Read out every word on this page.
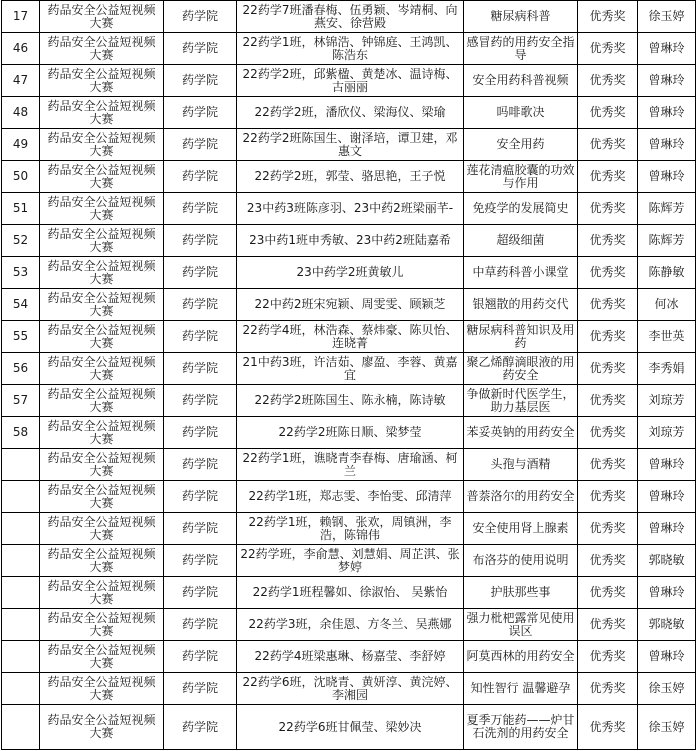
17	药品安全公益短视频大赛	药学院	22药学7班潘春梅、伍勇颖、岑靖桐、向燕安、徐营殿	糖尿病科普	优秀奖	徐玉婷
46	药品安全公益短视频大赛	药学院	22药学1班，林锦浩、钟锦庭、王鸿凯、陈浩东	感冒药的用药安全指导	优秀奖	曾琳玲
47	药品安全公益短视频大赛	药学院	22药学2班，邱紫楹、黄楚冰、温诗梅、古丽丽	安全用药科普视频	优秀奖	曾琳玲
48	药品安全公益短视频大赛	药学院	22药学2班，潘欣仪、梁海仪、梁瑜	吗啡歌决	优秀奖	曾琳玲
49	药品安全公益短视频大赛	药学院	22药学2班陈国生、谢泽培，谭卫建，邓惠文	安全用药	优秀奖	曾琳玲
50	药品安全公益短视频大赛	药学院	22药学2班，郭莹、骆思艳，王子悦	莲花清瘟胶囊的功效与作用	优秀奖	曾琳玲
51	药品安全公益短视频大赛	药学院	23中药3班陈彦羽、23中药2班梁丽芊-	免疫学的发展简史	优秀奖	陈辉芳
52	药品安全公益短视频大赛	药学院	23中药1班申秀敏、23中药2班陆嘉希	超级细菌	优秀奖	陈辉芳
53	药品安全公益短视频大赛	药学院	23中药学2班黄敏儿	中草药科普小课堂	优秀奖	陈静敏
54	药品安全公益短视频大赛	药学院	22中药2班宋宛颖、周雯雯、顾颖芝	银翘散的用药交代	优秀奖	何冰
55	药品安全公益短视频大赛	药学院	22药学4班，林浩森、蔡炜豪、陈贝怡、连晓菁	糖尿病科普知识及用药	优秀奖	李世英
56	药品安全公益短视频大赛	药学院	21中药3班，许洁茹、廖盈、李蓉、黄嘉宜	聚乙烯醇滴眼液的用药安全	优秀奖	李秀娟
57	药品安全公益短视频大赛	药学院	22药学2班陈国生、陈永楠，陈诗敏	争做新时代医学生，助力基层医	优秀奖	刘琼芳
58	药品安全公益短视频大赛	药学院	22药学2班陈日顺、梁梦莹	苯妥英钠的用药安全	优秀奖	刘琼芳
	药品安全公益短视频大赛	药学院	22药学1班，谯晓青李春梅、唐瑜涵、柯兰	头孢与酒精	优秀奖	曾琳玲
	药品安全公益短视频大赛	药学院	22药学1班，郑志雯、李怡雯、邱清萍	普萘洛尔的用药安全	优秀奖	曾琳玲
	药品安全公益短视频大赛	药学院	22药学1班，赖钢、张欢，周镇洲，李浩，陈锦伟	安全使用肾上腺素	优秀奖	曾琳玲
	药品安全公益短视频大赛	药学院	22药学班，李俞慧、刘慧娟、周芷淇、张梦婷	布洛芬的使用说明	优秀奖	郭晓敏
	药品安全公益短视频大赛	药学院	22药学1班程馨如、徐淑怡、 吴紫怡	护肤那些事	优秀奖	曾琳玲
	药品安全公益短视频大赛	药学院	22药学3班，余佳恩、方冬兰、吴燕娜	强力枇杷露常见使用误区	优秀奖	郭晓敏
	药品安全公益短视频大赛	药学院	22药学4班梁惠琳、杨嘉莹、李舒婷	阿莫西林的用药安全	优秀奖	曾琳玲
	药品安全公益短视频大赛	药学院	22药学6班，沈晓青、黄妍淳、黄浣婷、李湘园	知性智行 温馨避孕	优秀奖	徐玉婷
	药品安全公益短视频大赛	药学院	22药学6班甘佩莹、梁妙决	夏季万能药——炉甘石洗剂的用药安全	优秀奖	徐玉婷
